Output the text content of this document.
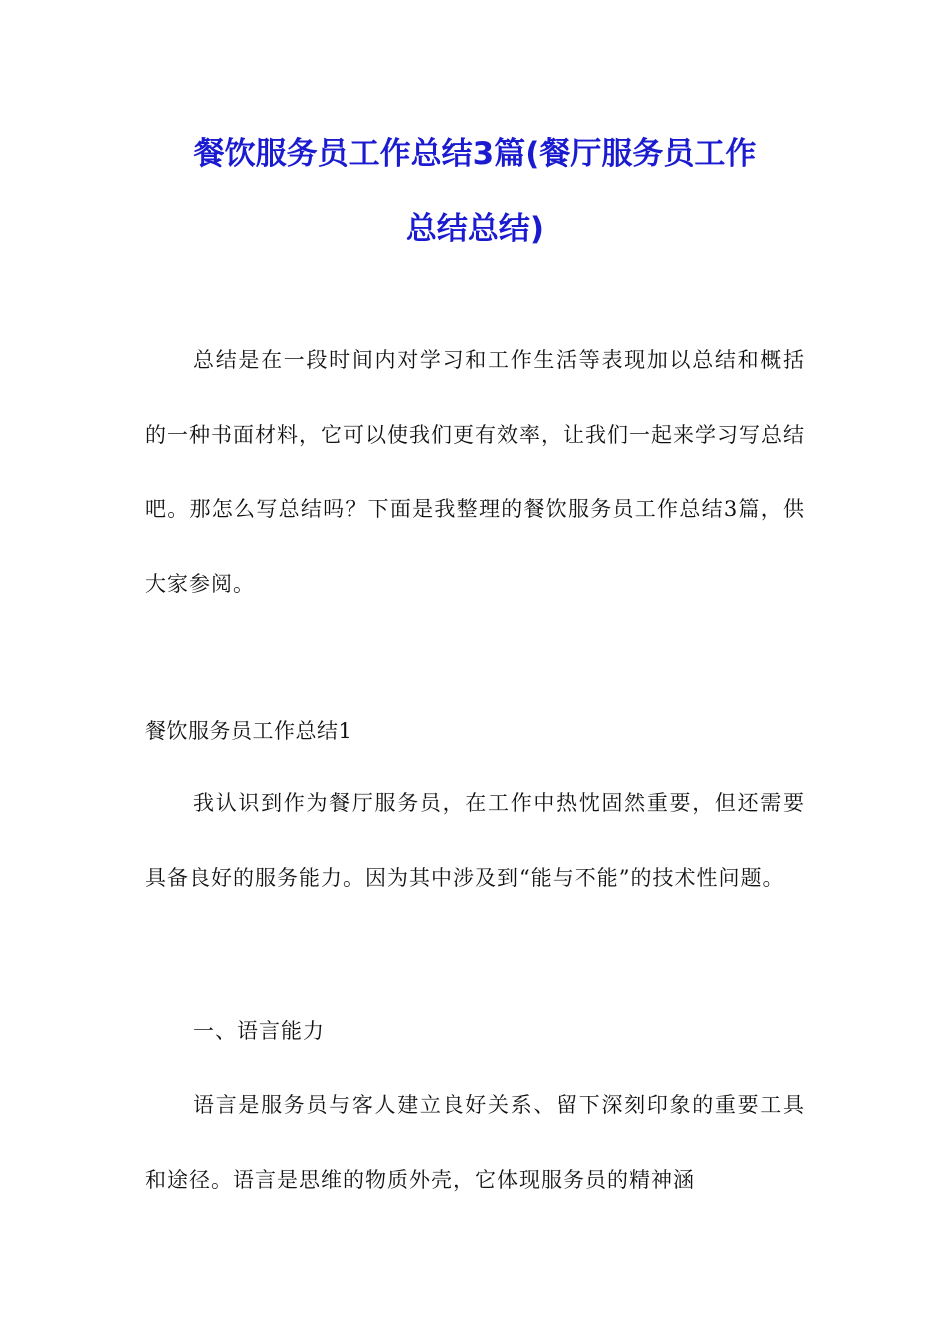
餐饮服务员工作总结3篇(餐厅服务员工作
总结总结)

总结是在一段时间内对学习和工作生活等表现加以总结和概括的一种书面材料，它可以使我们更有效率，让我们一起来学习写总结吧。那怎么写总结吗？下面是我整理的餐饮服务员工作总结3篇，供大家参阅。

餐饮服务员工作总结1

我认识到作为餐厅服务员，在工作中热忱固然重要，但还需要具备良好的服务能力。因为其中涉及到“能与不能”的技术性问题。

一、语言能力

语言是服务员与客人建立良好关系、留下深刻印象的重要工具和途径。语言是思维的物质外壳，它体现服务员的精神涵
